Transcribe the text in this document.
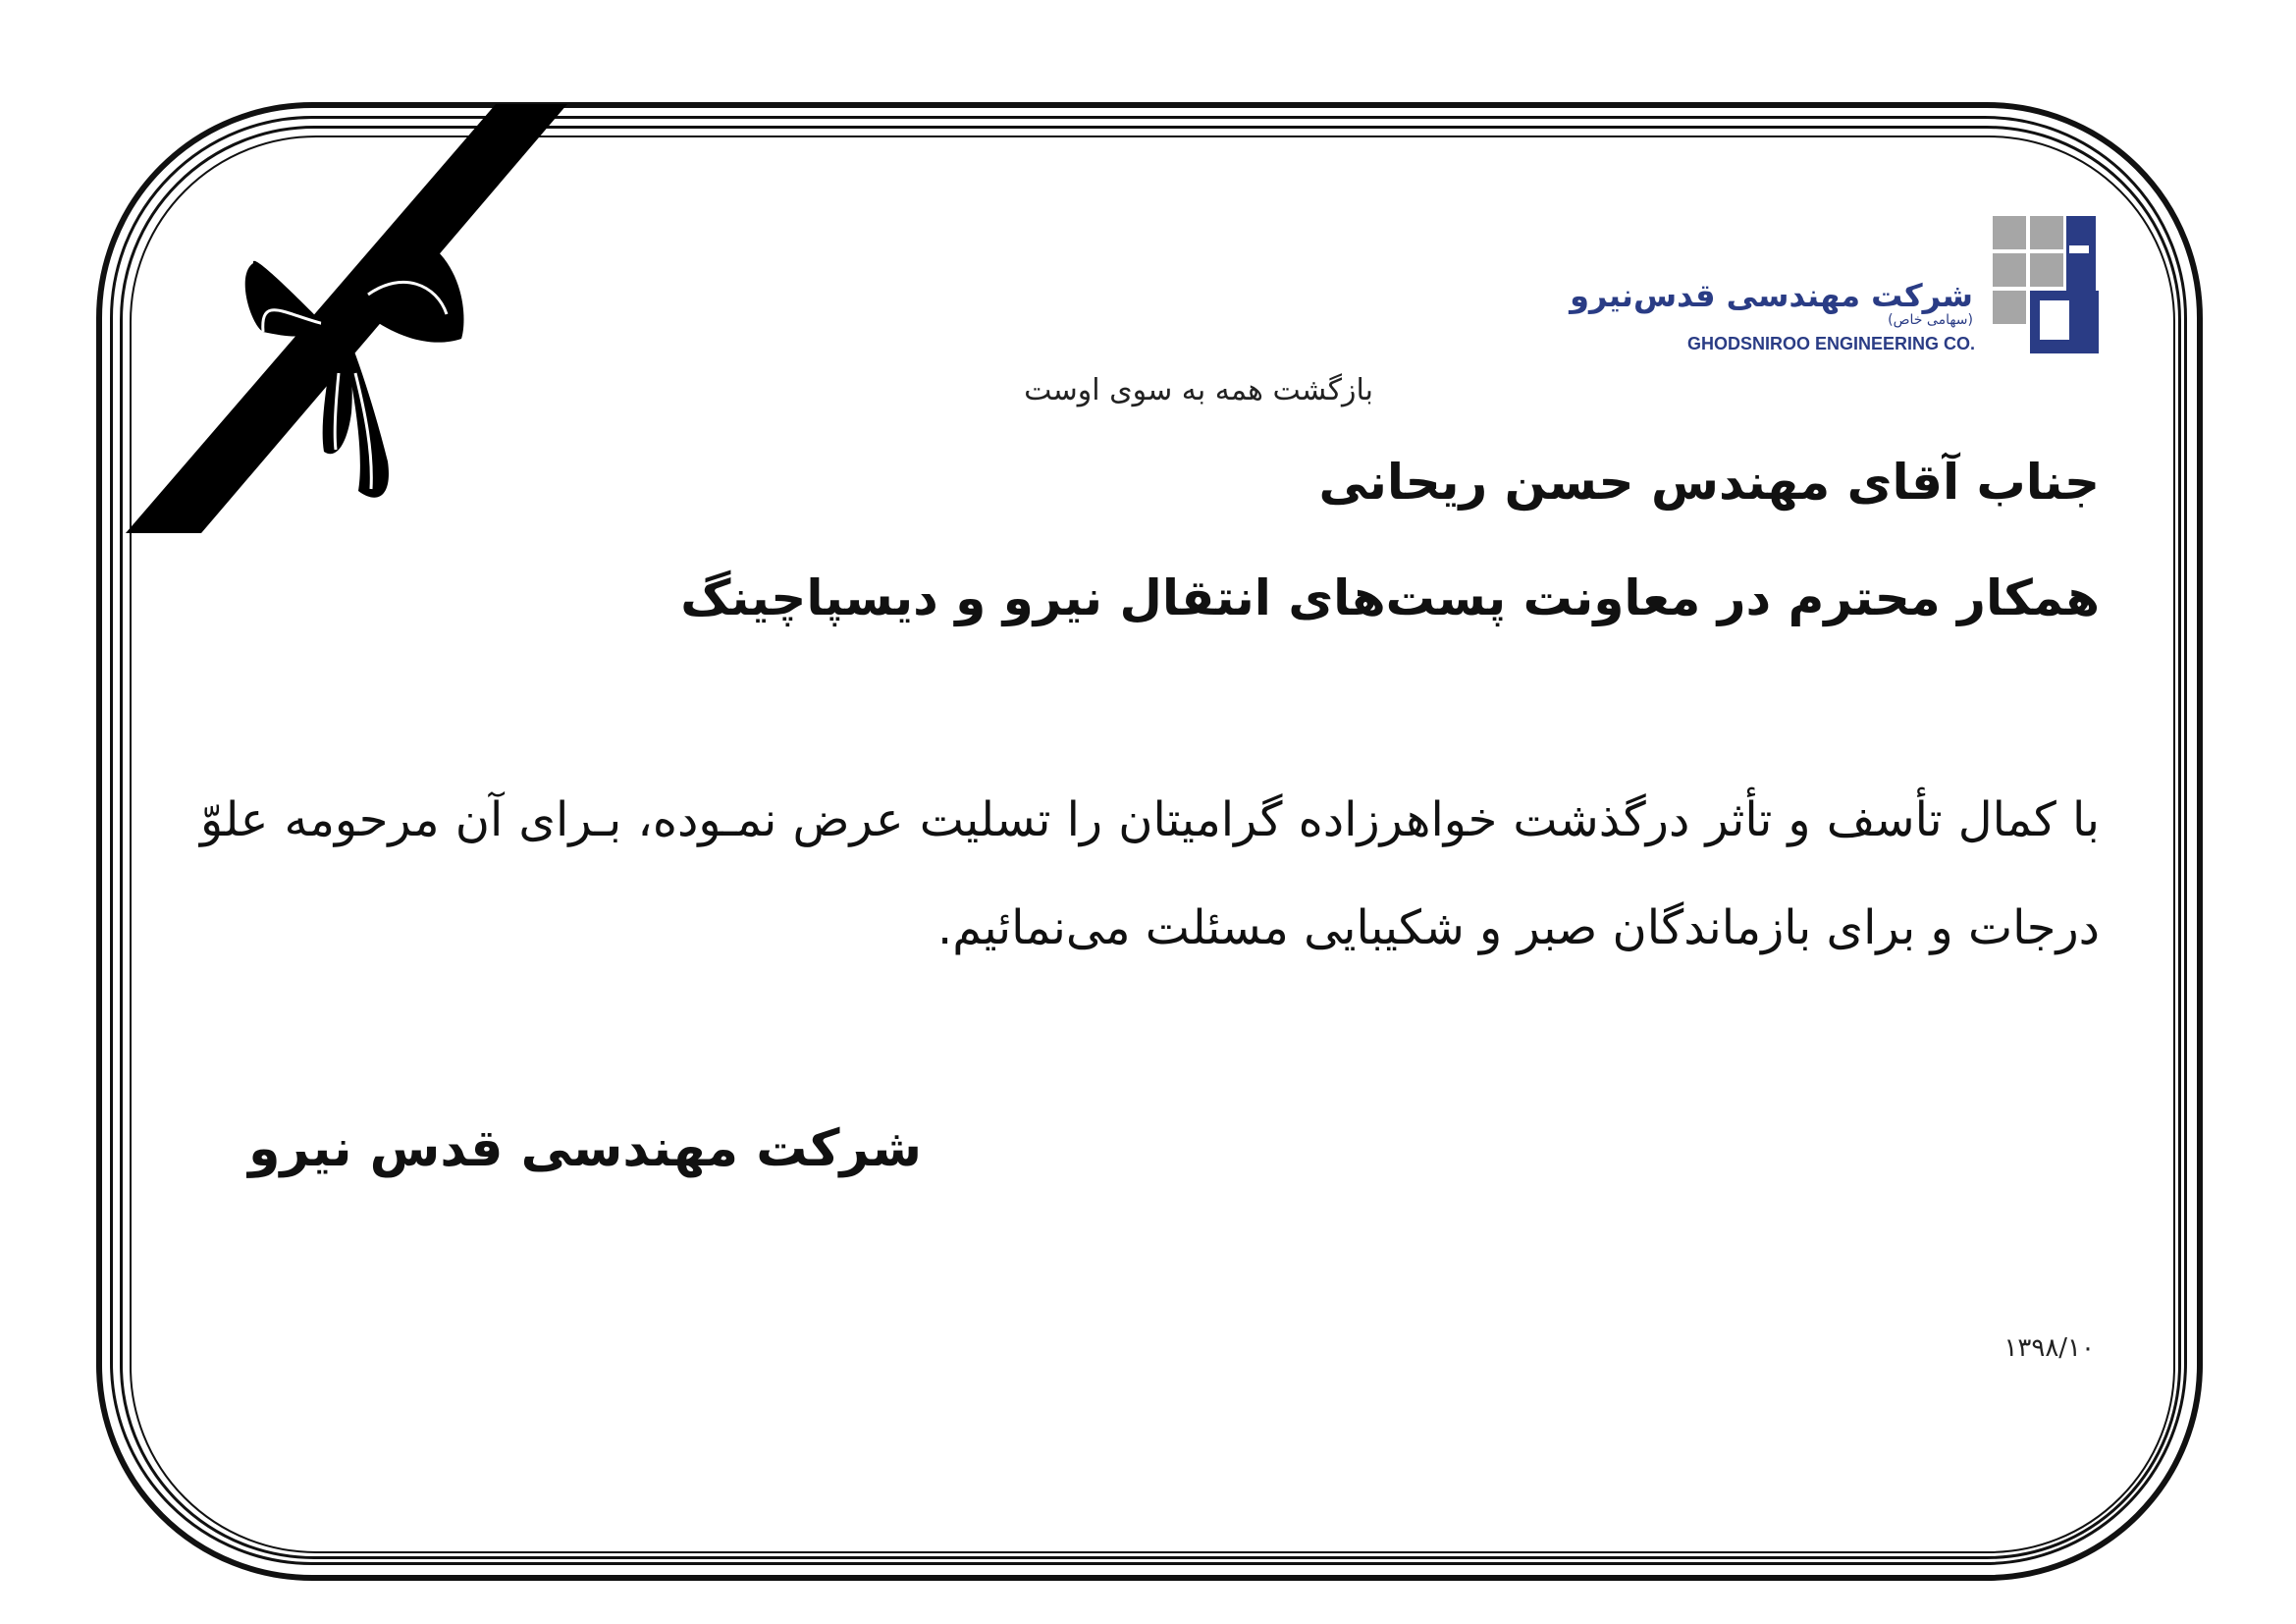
شرکت مهندسی قدس‌نیرو
(سهامی خاص)
GHODSNIROO ENGINEERING CO.
بازگشت همه به سوی اوست
جناب آقای مهندس حسن ریحانی
همکار محترم در معاونت پست‌های انتقال نیرو و دیسپاچینگ
با کمال تأسف و تأثر درگذشت خواهرزاده گرامیتان را تسلیت عرض نمـوده، بـرای آن مرحومه علوّ درجات و برای بازماندگان صبر و شکیبایی مسئلت می‌نمائیم.
شرکت مهندسی قدس نیرو
۱۳۹۸/۱۰
